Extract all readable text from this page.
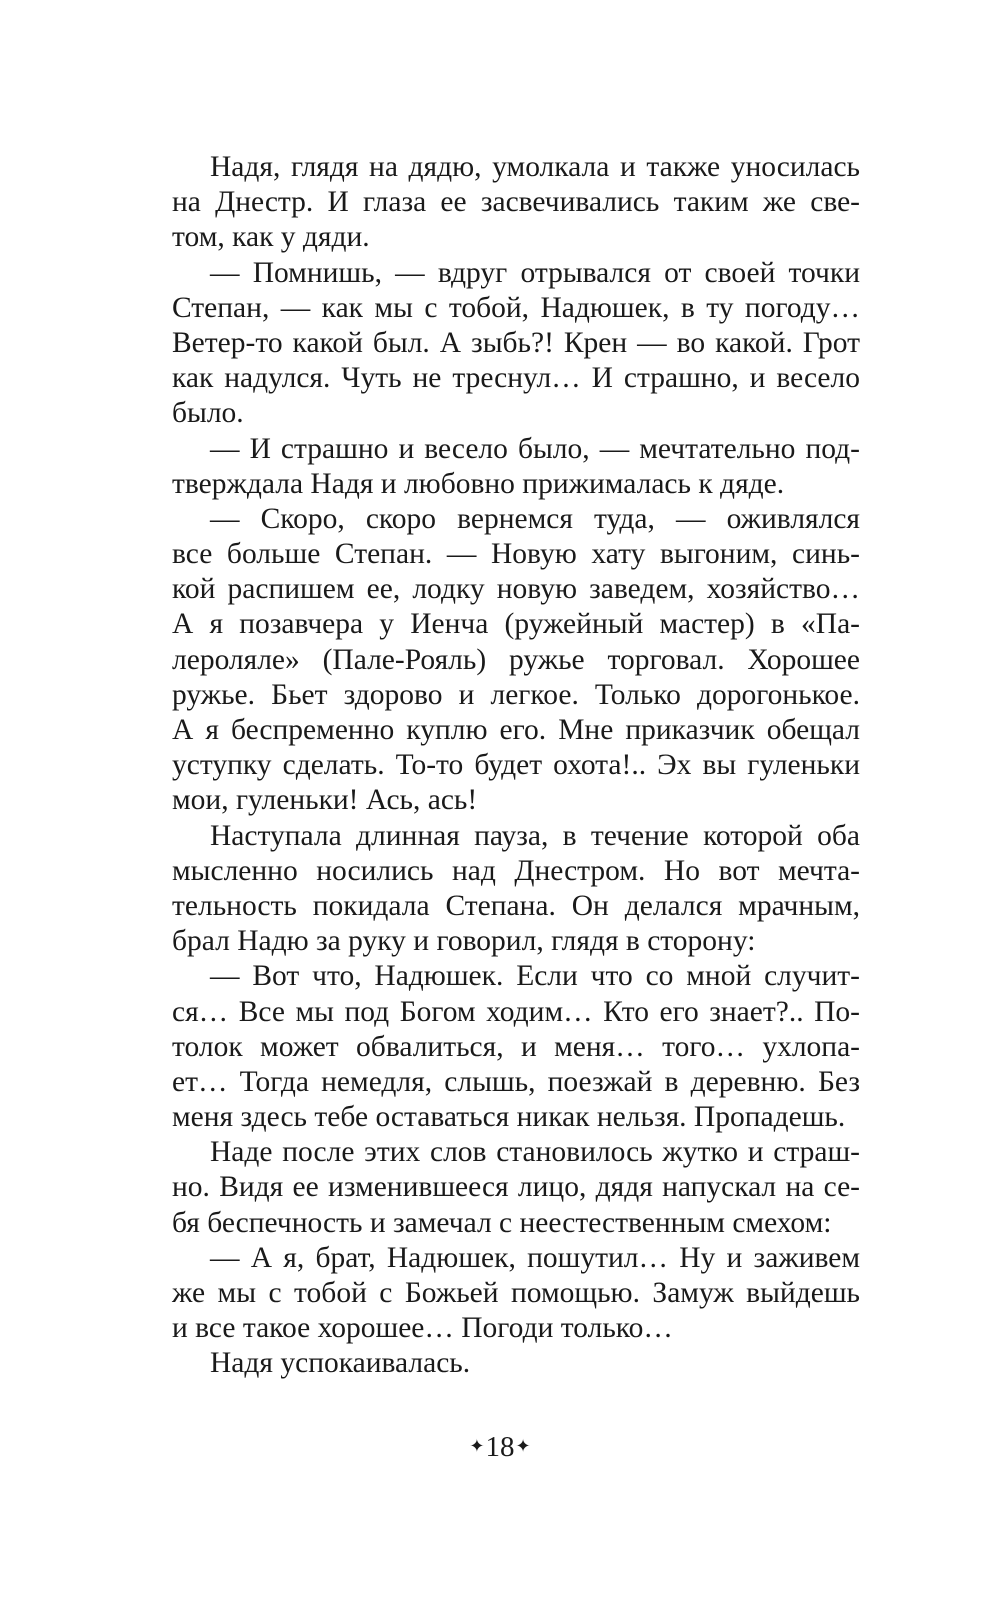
Надя, глядя на дядю, умолкала и также уносилась
на Днестр. И глаза ее засвечивались таким же све-
том, как у дяди.

— Помнишь, — вдруг отрывался от своей точки
Степан, — как мы с тобой, Надюшек, в ту погоду…
Ветер-то какой был. А зыбь?! Крен — во какой. Грот
как надулся. Чуть не треснул… И страшно, и весело
было.

— И страшно и весело было, — мечтательно под-
тверждала Надя и любовно прижималась к дяде.

— Скоро, скоро вернемся туда, — оживлялся
все больше Степан. — Новую хату выгоним, синь-
кой распишем ее, лодку новую заведем, хозяйство…
А я позавчера у Иенча (ружейный мастер) в «Па-
лероляле» (Пале-Рояль) ружье торговал. Хорошее
ружье. Бьет здорово и легкое. Только дорогонькое.
А я беспременно куплю его. Мне приказчик обещал
уступку сделать. То-то будет охота!.. Эх вы гуленьки
мои, гуленьки! Ась, ась!

Наступала длинная пауза, в течение которой оба
мысленно носились над Днестром. Но вот мечта-
тельность покидала Степана. Он делался мрачным,
брал Надю за руку и говорил, глядя в сторону:

— Вот что, Надюшек. Если что со мной случит-
ся… Все мы под Богом ходим… Кто его знает?.. По-
толок может обвалиться, и меня… того… ухлопа-
ет… Тогда немедля, слышь, поезжай в деревню. Без
меня здесь тебе оставаться никак нельзя. Пропадешь.

Наде после этих слов становилось жутко и страш-
но. Видя ее изменившееся лицо, дядя напускал на се-
бя беспечность и замечал с неестественным смехом:

— А я, брат, Надюшек, пошутил… Ну и заживем
же мы с тобой с Божьей помощью. Замуж выйдешь
и все такое хорошее… Погоди только…

Надя успокаивалась.

✦18✦
